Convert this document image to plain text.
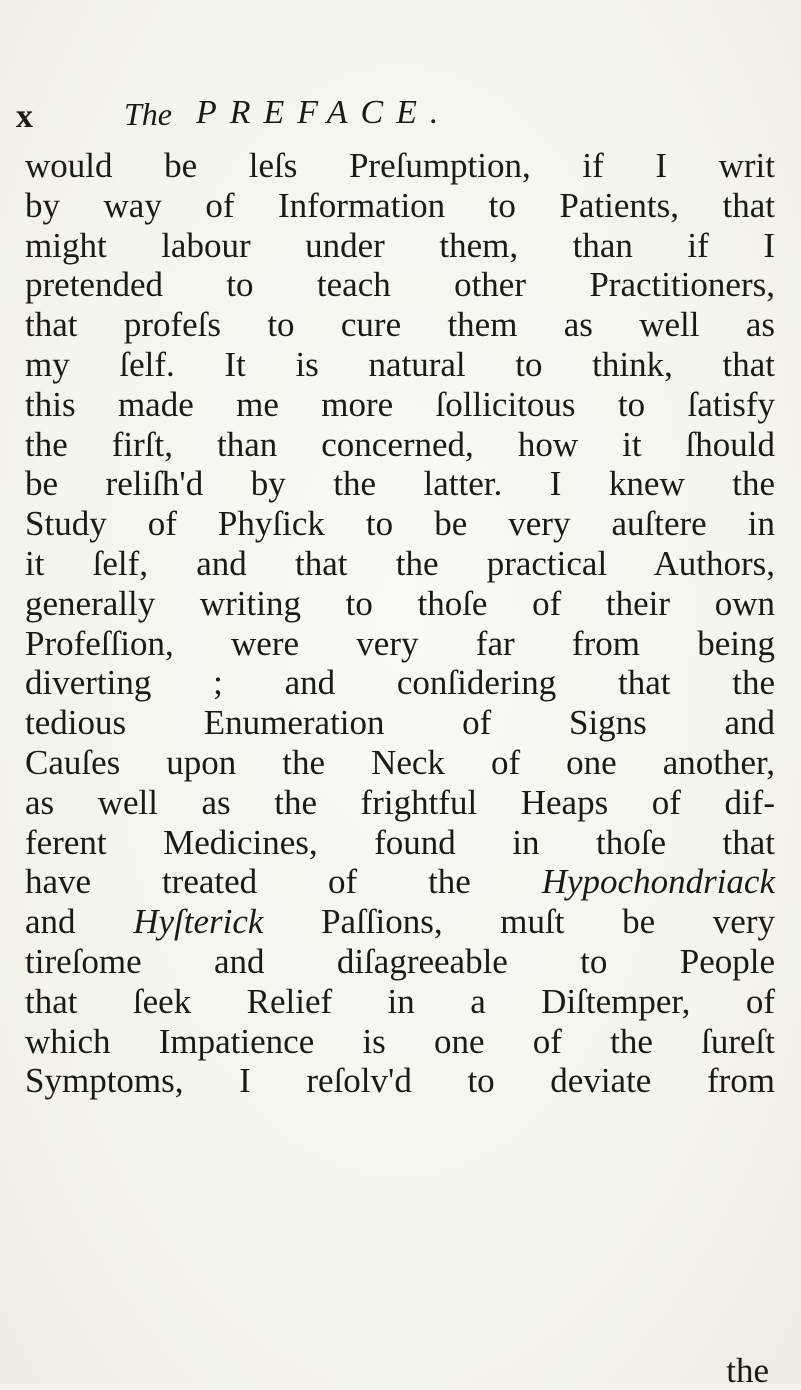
x	The PREFACE.
would be leſs Preſumption, if I writ
by way of Information to Patients, that
might labour under them, than if I
pretended to teach other Practitioners,
that profeſs to cure them as well as
my ſelf. It is natural to think, that
this made me more ſollicitous to ſatisfy
the firſt, than concerned, how it ſhould
be reliſh'd by the latter. I knew the
Study of Phyſick to be very auſtere in
it ſelf, and that the practical Authors,
generally writing to thoſe of their own
Profeſſion, were very far from being
diverting ; and conſidering that the
tedious Enumeration of Signs and
Cauſes upon the Neck of one another,
as well as the frightful Heaps of dif-
ferent Medicines, found in thoſe that
have treated of the Hypochondriack
and Hyſterick Paſſions, muſt be very
tireſome and diſagreeable to People
that ſeek Relief in a Diſtemper, of
which Impatience is one of the ſureſt
Symptoms, I reſolv'd to deviate from
the
